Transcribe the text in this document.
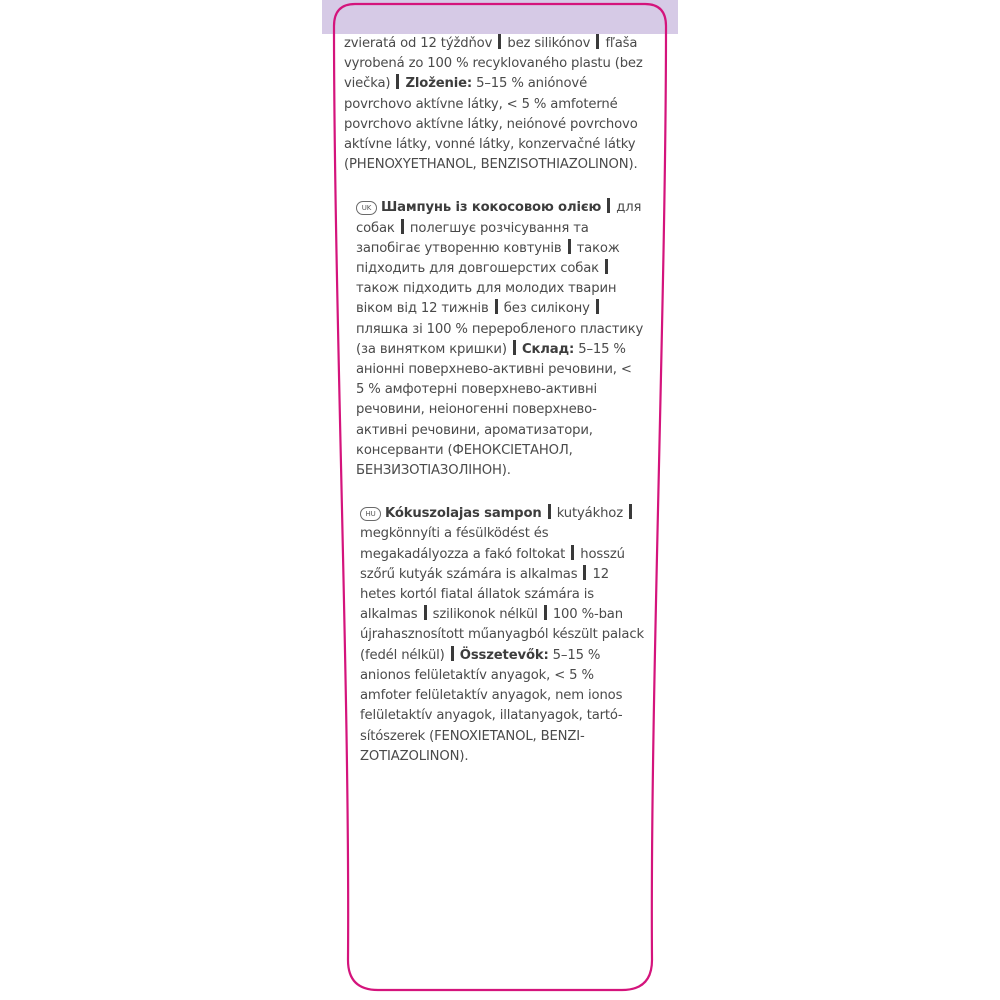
zvieratá od 12 týždňov bez silikónov fľaša vyrobená zo 100 % recyklovaného plastu (bez viečka) Zloženie: 5–15 % aniónové povrchovo aktívne látky, < 5 % amfoterné povrchovo aktívne látky, neiónové povrchovo aktívne látky, vonné látky, konzervačné látky (PHENOXYETHANOL, BENZISOTHIAZOLINON).

UK Шампунь із кокосовою олією для собак полегшує розчісування та запобігає утворенню ковтунів також підходить для довгошерстих собак  також підходить для молодих тварин віком від 12 тижнів без силікону  пляшка зі 100 % переробленого пластику (за винятком кришки) Склад: 5–15 % аніонні поверхнево-активні речовини, < 5 % амфотерні поверхнево-активні речовини, неіоногенні поверхнево-активні речовини, ароматизатори, консерванти (ФЕНОКСІЕТАНОЛ, БЕНЗИЗОТІАЗОЛІНОН).

HU Kókuszolajas sampon kutyákhoz  megkönnyíti a fésülködést és megakadályozza a fakó foltokat hosszú szőrű kutyák számára is alkalmas 12 hetes kortól fiatal állatok számára is alkalmas szilikonok nélkül 100 %-ban újrahasznosított műanyagból készült palack (fedél nélkül) Összetevők: 5–15 % anionos felületaktív anyagok, < 5 % amfoter felületaktív anyagok, nem ionos felületaktív anyagok, illatanyagok, tartósítószerek (FENOXIETANOL, BENZIZOTIAZOLINON).
